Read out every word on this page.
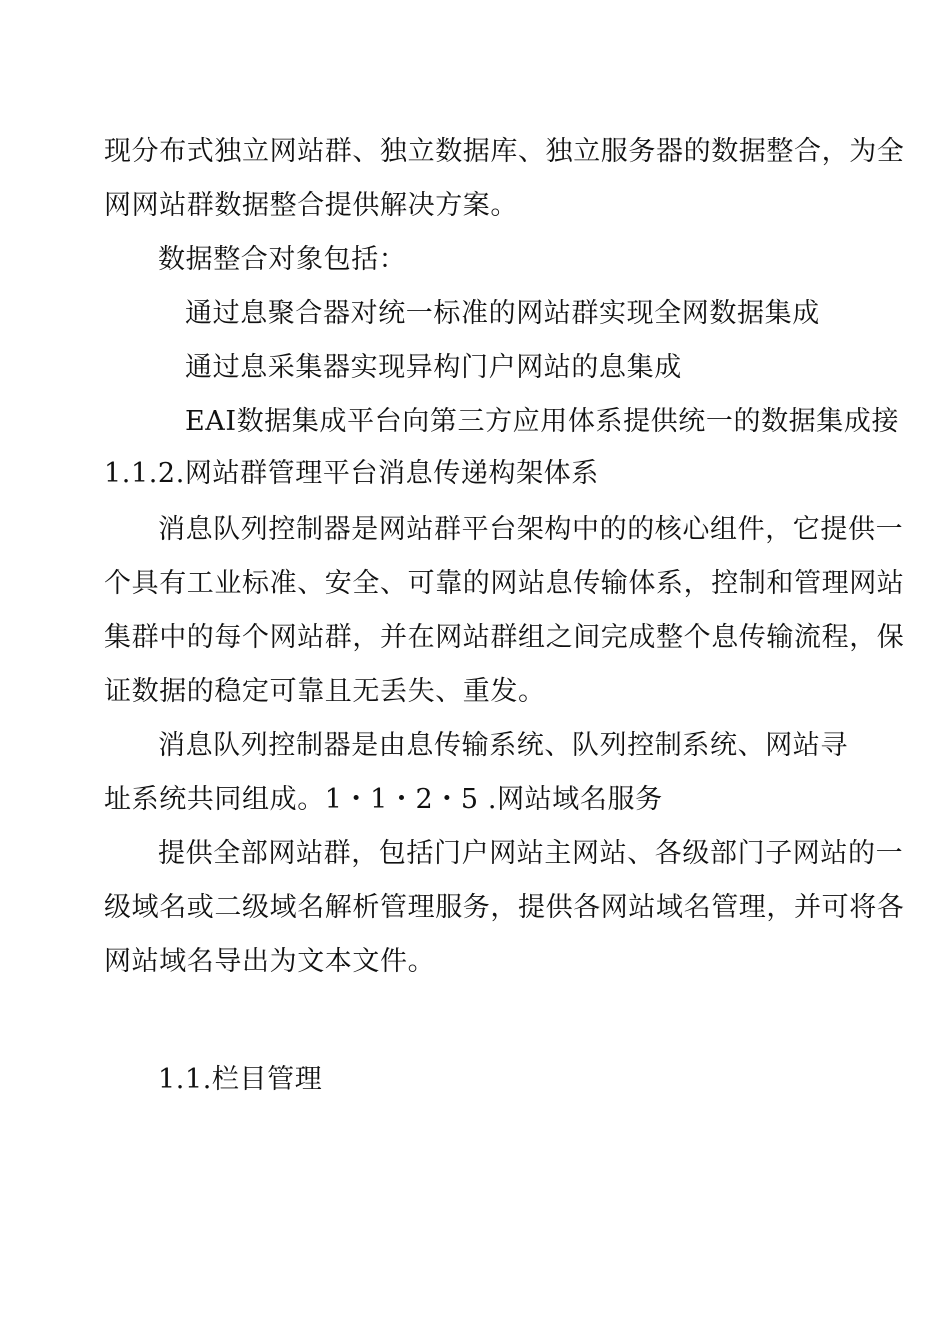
现分布式独立网站群、独立数据库、独立服务器的数据整合，为全

网网站群数据整合提供解决方案。

数据整合对象包括：

通过息聚合器对统一标准的网站群实现全网数据集成

通过息采集器实现异构门户网站的息集成

EAI数据集成平台向第三方应用体系提供统一的数据集成接

1.1.2.网站群管理平台消息传递构架体系

消息队列控制器是网站群平台架构中的的核心组件，它提供一

个具有工业标准、安全、可靠的网站息传输体系，控制和管理网站

集群中的每个网站群，并在网站群组之间完成整个息传输流程，保

证数据的稳定可靠且无丢失、重发。

消息队列控制器是由息传输系统、队列控制系统、网站寻

址系统共同组成。1・1・2・5 .网站域名服务

提供全部网站群，包括门户网站主网站、各级部门子网站的一

级域名或二级域名解析管理服务，提供各网站域名管理，并可将各

网站域名导出为文本文件。

1.1.栏目管理
